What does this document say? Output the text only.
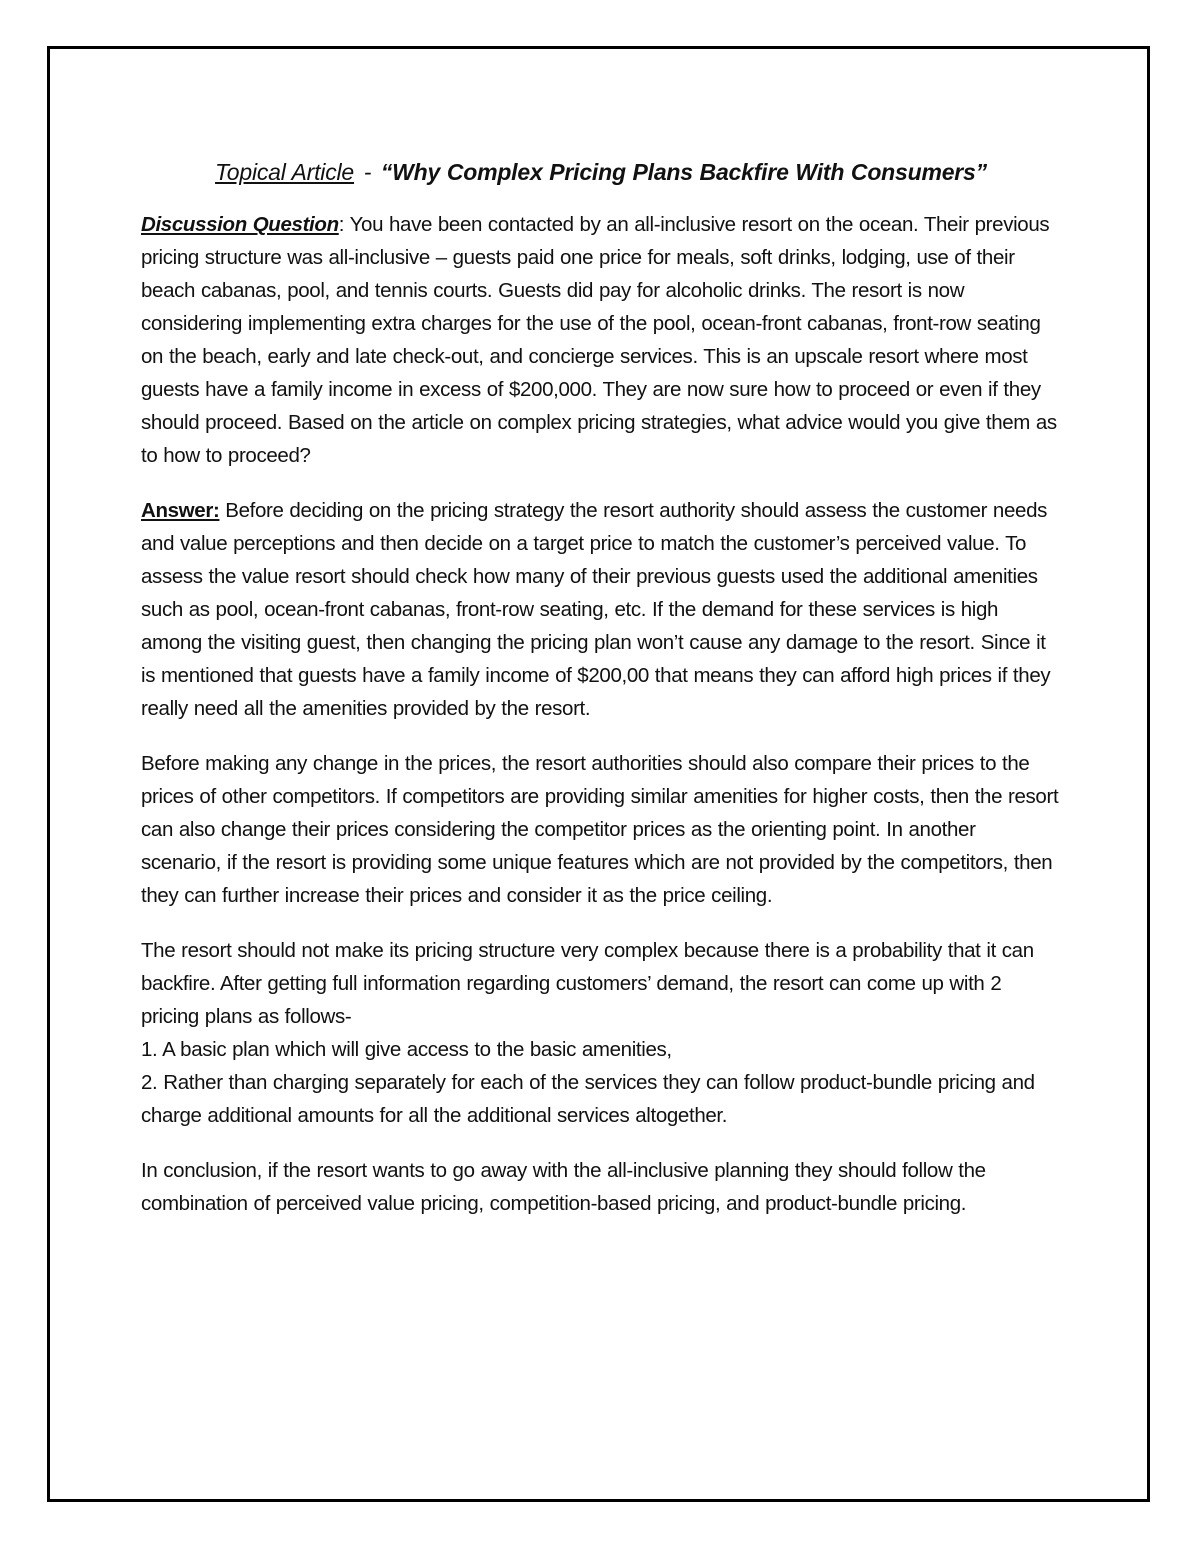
Topical Article - “Why Complex Pricing Plans Backfire With Consumers”

Discussion Question: You have been contacted by an all-inclusive resort on the ocean. Their previous pricing structure was all-inclusive – guests paid one price for meals, soft drinks, lodging, use of their beach cabanas, pool, and tennis courts. Guests did pay for alcoholic drinks. The resort is now considering implementing extra charges for the use of the pool, ocean-front cabanas, front-row seating on the beach, early and late check-out, and concierge services. This is an upscale resort where most guests have a family income in excess of $200,000. They are now sure how to proceed or even if they should proceed. Based on the article on complex pricing strategies, what advice would you give them as to how to proceed?

Answer: Before deciding on the pricing strategy the resort authority should assess the customer needs and value perceptions and then decide on a target price to match the customer’s perceived value. To assess the value resort should check how many of their previous guests used the additional amenities such as pool, ocean-front cabanas, front-row seating, etc. If the demand for these services is high among the visiting guest, then changing the pricing plan won’t cause any damage to the resort. Since it is mentioned that guests have a family income of $200,00 that means they can afford high prices if they really need all the amenities provided by the resort.

Before making any change in the prices, the resort authorities should also compare their prices to the prices of other competitors. If competitors are providing similar amenities for higher costs, then the resort can also change their prices considering the competitor prices as the orienting point. In another scenario, if the resort is providing some unique features which are not provided by the competitors, then they can further increase their prices and consider it as the price ceiling.

The resort should not make its pricing structure very complex because there is a probability that it can backfire. After getting full information regarding customers’ demand, the resort can come up with 2 pricing plans as follows-
1. A basic plan which will give access to the basic amenities,
2. Rather than charging separately for each of the services they can follow product-bundle pricing and charge additional amounts for all the additional services altogether.

In conclusion, if the resort wants to go away with the all-inclusive planning they should follow the combination of perceived value pricing, competition-based pricing, and product-bundle pricing.
